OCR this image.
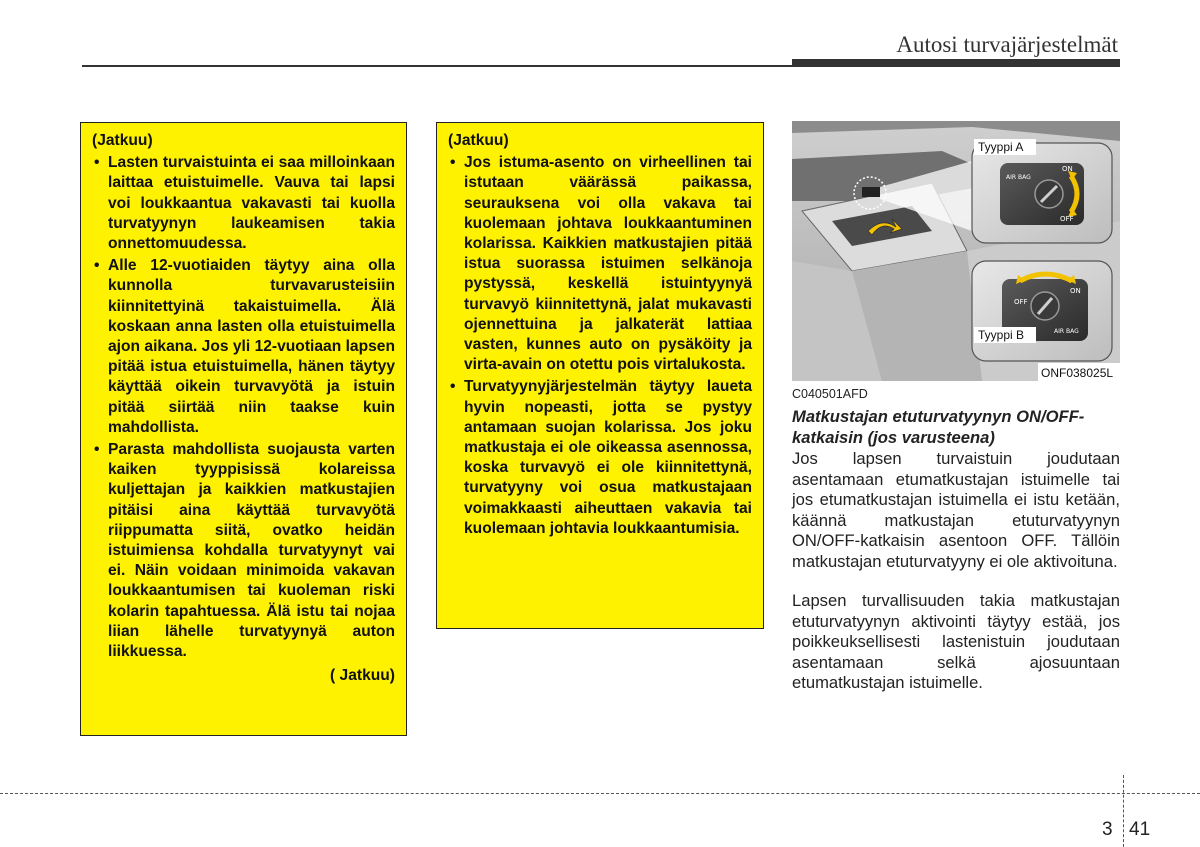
Autosi turvajärjestelmät
(Jatkuu)
• Lasten turvaistuinta ei saa milloinkaan laittaa etuistuimelle. Vauva tai lapsi voi loukkaantua vakavasti tai kuolla turvatyynyn laukeamisen takia onnettomuudessa.
• Alle 12-vuotiaiden täytyy aina olla kunnolla turvavarusteisiin kiinnitettyinä takaistuimella. Älä koskaan anna lasten olla etuistuimella ajon aikana. Jos yli 12-vuotiaan lapsen pitää istua etuistuimella, hänen täytyy käyttää oikein turvavyötä ja istuin pitää siirtää niin taakse kuin mahdollista.
• Parasta mahdollista suojausta varten kaiken tyyppisissä kolareissa kuljettajan ja kaikkien matkustajien pitäisi aina käyttää turvavyötä riippumatta siitä, ovatko heidän istuimiensa kohdalla turvatyynyt vai ei. Näin voidaan minimoida vakavan loukkaantumisen tai kuoleman riski kolarin tapahtuessa. Älä istu tai nojaa liian lähelle turvatyynyä auton liikkuessa.
( Jatkuu)
(Jatkuu)
• Jos istuma-asento on virheellinen tai istutaan väärässä paikassa, seurauksena voi olla vakava tai kuolemaan johtava loukkaantuminen kolarissa. Kaikkien matkustajien pitää istua suorassa istuimen selkänoja pystyssä, keskellä istuintyynyä turvavyö kiinnitettynä, jalat mukavasti ojennettuina ja jalkaterät lattiaa vasten, kunnes auto on pysäköity ja virta-avain on otettu pois virtalukosta.
• Turvatyynyjärjestelmän täytyy laueta hyvin nopeasti, jotta se pystyy antamaan suojan kolarissa. Jos joku matkustaja ei ole oikeassa asennossa, koska turvavyö ei ole kiinnitettynä, turvatyyny voi osua matkustajaan voimakkaasti aiheuttaen vakavia tai kuolemaan johtavia loukkaantumisia.
ON
OFF
AIR BAG
Tyyppi A
OFF
ON
AIR BAG
Tyyppi B
ONF038025L
C040501AFD
Matkustajan etuturvatyynyn ON/OFF-katkaisin (jos varusteena)

Jos lapsen turvaistuin joudutaan asentamaan etumatkustajan istuimelle tai jos etumatkustajan istuimella ei istu ketään, käännä matkustajan etuturvatyynyn ON/OFF-katkaisin asentoon OFF. Tällöin matkustajan etuturvatyyny ei ole aktivoituna.

Lapsen turvallisuuden takia matkustajan etuturvatyynyn aktivointi täytyy estää, jos poikkeuksellisesti lastenistuin joudutaan asentamaan selkä ajosuuntaan etumatkustajan istuimelle.

3 41
